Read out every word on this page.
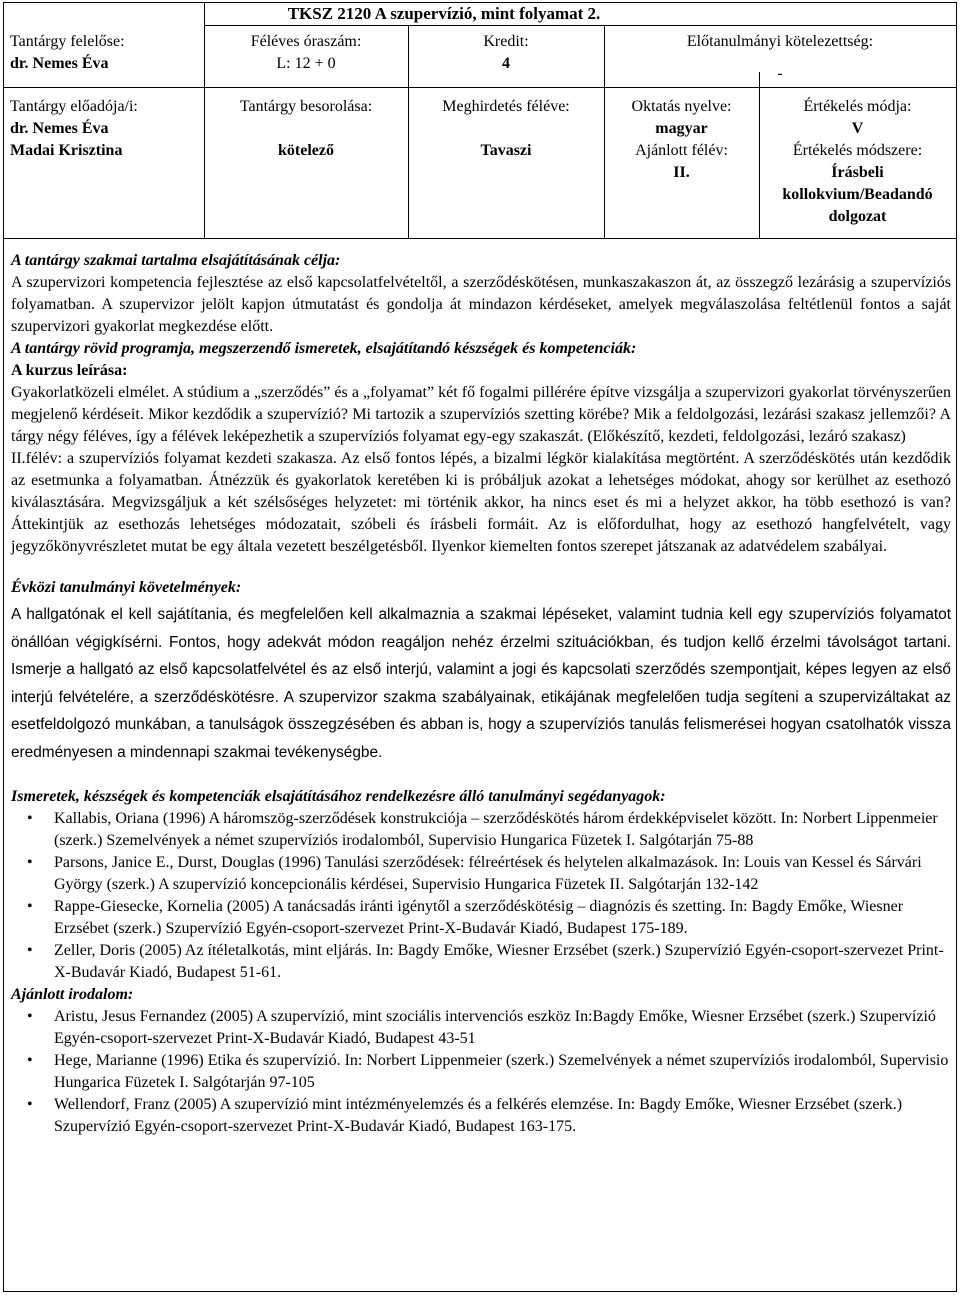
TKSZ 2120 A szupervízió, mint folyamat 2.
Tantárgy felelőse:
dr. Nemes Éva
Féléves óraszám:
L: 12 + 0
Kredit:
4
Előtanulmányi kötelezettség:
-
Tantárgy előadója/i:
dr. Nemes Éva
Madai Krisztina
Tantárgy besorolása:
kötelező
Meghirdetés féléve:
Tavaszi
Oktatás nyelve:
magyar
Ajánlott félév:
II.
Értékelés módja:
V
Értékelés módszere:
Írásbeli kollokvium/Beadandó dolgozat

A tantárgy szakmai tartalma elsajátításának célja:

A szupervizori kompetencia fejlesztése az első kapcsolatfelvételtől, a szerződéskötésen, munkaszakaszon át, az összegző lezárásig a szupervíziós folyamatban. A szupervizor jelölt kapjon útmutatást és gondolja át mindazon kérdéseket, amelyek megválaszolása feltétlenül fontos a saját szupervizori gyakorlat megkezdése előtt.

A tantárgy rövid programja, megszerzendő ismeretek, elsajátítandó készségek és kompetenciák:

A kurzus leírása:

Gyakorlatközeli elmélet. A stúdium a „szerződés” és a „folyamat” két fő fogalmi pillérére építve vizsgálja a szupervizori gyakorlat törvényszerűen megjelenő kérdéseit. Mikor kezdődik a szupervízió? Mi tartozik a szupervíziós szetting körébe? Mik a feldolgozási, lezárási szakasz jellemzői? A tárgy négy féléves, így a félévek leképezhetik a szupervíziós folyamat egy-egy szakaszát. (Előkészítő, kezdeti, feldolgozási, lezáró szakasz)

II.félév: a szupervíziós folyamat kezdeti szakasza. Az első fontos lépés, a bizalmi légkör kialakítása megtörtént. A szerződéskötés után kezdődik az esetmunka a folyamatban. Átnézzük és gyakorlatok keretében ki is próbáljuk azokat a lehetséges módokat, ahogy sor kerülhet az esethozó kiválasztására. Megvizsgáljuk a két szélsőséges helyzetet: mi történik akkor, ha nincs eset és mi a helyzet akkor, ha több esethozó is van? Áttekintjük az esethozás lehetséges módozatait, szóbeli és írásbeli formáit. Az is előfordulhat, hogy az esethozó hangfelvételt, vagy jegyzőkönyvrészletet mutat be egy általa vezetett beszélgetésből. Ilyenkor kiemelten fontos szerepet játszanak az adatvédelem szabályai.

Évközi tanulmányi követelmények:

A hallgatónak el kell sajátítania, és megfelelően kell alkalmaznia a szakmai lépéseket, valamint tudnia kell egy szupervíziós folyamatot önállóan végigkísérni. Fontos, hogy adekvát módon reagáljon nehéz érzelmi szituációkban, és tudjon kellő érzelmi távolságot tartani. Ismerje a hallgató az első kapcsolatfelvétel és az első interjú, valamint a jogi és kapcsolati szerződés szempontjait, képes legyen az első interjú felvételére, a szerződéskötésre. A szupervizor szakma szabályainak, etikájának megfelelően tudja segíteni a szupervizáltakat az esetfeldolgozó munkában, a tanulságok összegzésében és abban is, hogy a szupervíziós tanulás felismerései hogyan csatolhatók vissza eredményesen a mindennapi szakmai tevékenységbe.

Ismeretek, készségek és kompetenciák elsajátításához rendelkezésre álló tanulmányi segédanyagok:

• Kallabis, Oriana (1996) A háromszög-szerződések konstrukciója – szerződéskötés három érdekképviselet között. In: Norbert Lippenmeier (szerk.) Szemelvények a német szupervíziós irodalomból, Supervisio Hungarica Füzetek I. Salgótarján 75-88
• Parsons, Janice E., Durst, Douglas (1996) Tanulási szerződések: félreértések és helytelen alkalmazások. In: Louis van Kessel és Sárvári György (szerk.) A szupervízió koncepcionális kérdései, Supervisio Hungarica Füzetek II. Salgótarján 132-142
• Rappe-Giesecke, Kornelia (2005) A tanácsadás iránti igénytől a szerződéskötésig – diagnózis és szetting. In: Bagdy Emőke, Wiesner Erzsébet (szerk.) Szupervízió Egyén-csoport-szervezet Print-X-Budavár Kiadó, Budapest 175-189.
• Zeller, Doris (2005) Az ítéletalkotás, mint eljárás. In: Bagdy Emőke, Wiesner Erzsébet (szerk.) Szupervízió Egyén-csoport-szervezet Print-X-Budavár Kiadó, Budapest 51-61.

Ajánlott irodalom:

• Aristu, Jesus Fernandez (2005) A szupervízió, mint szociális intervenciós eszköz In:Bagdy Emőke, Wiesner Erzsébet (szerk.) Szupervízió Egyén-csoport-szervezet Print-X-Budavár Kiadó, Budapest 43-51
• Hege, Marianne (1996) Etika és szupervízió. In: Norbert Lippenmeier (szerk.) Szemelvények a német szupervíziós irodalomból, Supervisio Hungarica Füzetek I. Salgótarján 97-105
• Wellendorf, Franz (2005) A szupervízió mint intézményelemzés és a felkérés elemzése. In: Bagdy Emőke, Wiesner Erzsébet (szerk.) Szupervízió Egyén-csoport-szervezet Print-X-Budavár Kiadó, Budapest 163-175.
